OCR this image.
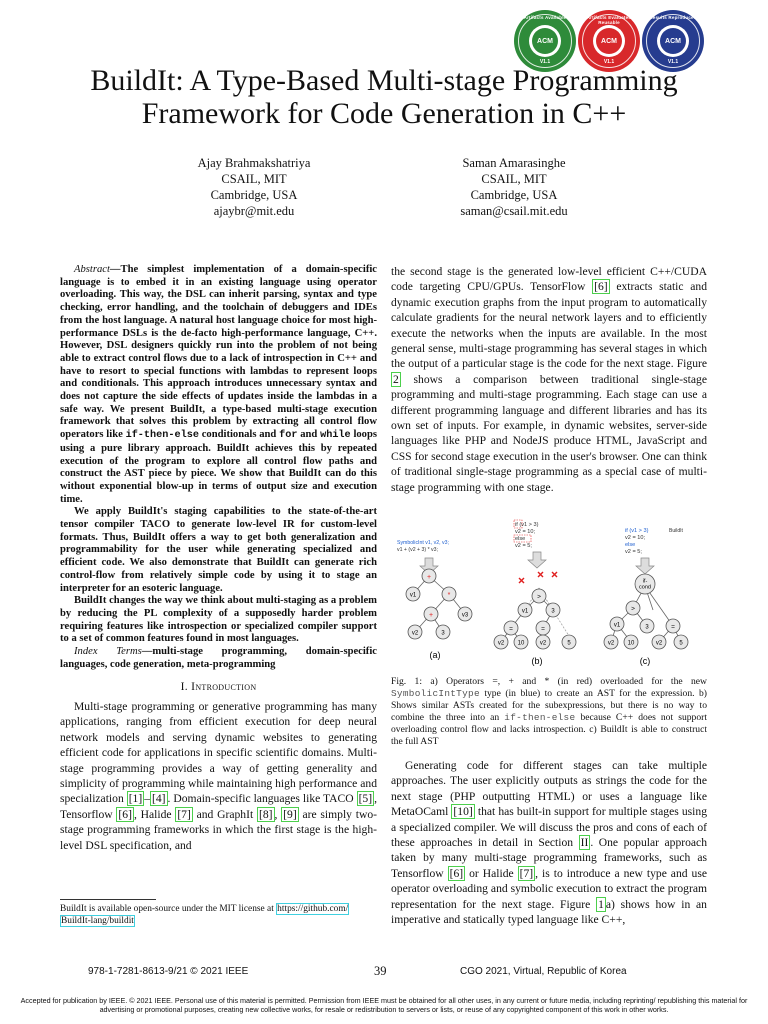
Artifacts Available
ACM
V1.1
Artifacts Evaluated Reusable
ACM
V1.1
Results Reproduced
ACM
V1.1
BuildIt: A Type-Based Multi-stage Programming
Framework for Code Generation in C++
Ajay Brahmakshatriya
CSAIL, MIT
Cambridge, USA
ajaybr@mit.edu
Saman Amarasinghe
CSAIL, MIT
Cambridge, USA
saman@csail.mit.edu

Abstract—The simplest implementation of a domain-specific language is to embed it in an existing language using operator overloading. This way, the DSL can inherit parsing, syntax and type checking, error handling, and the toolchain of debuggers and IDEs from the host language. A natural host language choice for most high-performance DSLs is the de-facto high-performance language, C++. However, DSL designers quickly run into the problem of not being able to extract control flows due to a lack of introspection in C++ and have to resort to special functions with lambdas to represent loops and conditionals. This approach introduces unnecessary syntax and does not capture the side effects of updates inside the lambdas in a safe way. We present BuildIt, a type-based multi-stage execution framework that solves this problem by extracting all control flow operators like if-then-else conditionals and for and while loops using a pure library approach. BuildIt achieves this by repeated execution of the program to explore all control flow paths and construct the AST piece by piece. We show that BuildIt can do this without exponential blow-up in terms of output size and execution time.

We apply BuildIt's staging capabilities to the state-of-the-art tensor compiler TACO to generate low-level IR for custom-level formats. Thus, BuildIt offers a way to get both generalization and programmability for the user while generating specialized and efficient code. We also demonstrate that BuildIt can generate rich control-flow from relatively simple code by using it to stage an interpreter for an esoteric language.

BuildIt changes the way we think about multi-staging as a problem by reducing the PL complexity of a supposedly harder problem requiring features like introspection or specialized compiler support to a set of common features found in most languages.

Index Terms—multi-stage programming, domain-specific languages, code generation, meta-programming
I. Introduction

Multi-stage programming or generative programming has many applications, ranging from efficient execution for deep neural network models and serving dynamic websites to generating efficient code for applications in specific scientific domains. Multi-stage programming provides a way of getting generality and simplicity of programming while maintaining high performance and specialization [1] – [4] . Domain-specific languages like TACO [5] , Tensorflow [6] , Halide [7] and GraphIt [8] , [9] are simply two-stage programming frameworks in which the first stage is the high-level DSL specification, and

BuildIt is available open-source under the MIT license at https://github.com/
BuildIt-lang/buildit

the second stage is the generated low-level efficient C++/CUDA code targeting CPU/GPUs. TensorFlow [6] extracts static and dynamic execution graphs from the input program to automatically calculate gradients for the neural network layers and to efficiently execute the networks when the inputs are available. In the most general sense, multi-stage programming has several stages in which the output of a particular stage is the code for the next stage. Figure 2 shows a comparison between traditional single-stage programming and multi-stage programming. Each stage can use a different programming language and different libraries and has its own set of inputs. For example, in dynamic websites, server-side languages like PHP and NodeJS produce HTML, JavaScript and CSS for second stage execution in the user's browser. One can think of traditional single-stage programming as a special case of multi-stage programming with one stage.

SymbolicInt v1, v2, v3;
v1 + (v2 + 3) * v3;
+
v1	*
+	v3
v2	3
(a)
if (v1 > 3)
v2 = 10;
else
v2 = 5;
>
v1	3
=	=
v2 10	v2	5
(b)
if (v1 > 3)	BuildIt
v2 = 10;
else
v2 = 5;
if-
cond
>
v1	3	=
v2 10	v2	5
(c)
Fig. 1: a) Operators =, + and * (in red) overloaded for the new SymbolicIntType type (in blue) to create an AST for the expression. b) Shows similar ASTs created for the subexpressions, but there is no way to combine the three into an if-then-else because C++ does not support overloading control flow and lacks introspection. c) BuildIt is able to construct the full AST

Generating code for different stages can take multiple approaches. The user explicitly outputs as strings the code for the next stage (PHP outputting HTML) or uses a language like MetaOCaml [10] that has built-in support for multiple stages using a specialized compiler. We will discuss the pros and cons of each of these approaches in detail in Section II . One popular approach taken by many multi-stage programming frameworks, such as Tensorflow [6] or Halide [7] , is to introduce a new type and use operator overloading and symbolic execution to extract the program representation for the next stage. Figure 1 a) shows how in an imperative and statically typed language like C++,

978-1-7281-8613-9/21 © 2021 IEEE	39	CGO 2021, Virtual, Republic of Korea
Accepted for publication by IEEE. © 2021 IEEE. Personal use of this material is permitted. Permission from IEEE must be obtained for all other uses, in any current or future media, including reprinting/ republishing this material for advertising or promotional purposes, creating new collective works, for resale or redistribution to servers or lists, or reuse of any copyrighted component of this work in other works.
